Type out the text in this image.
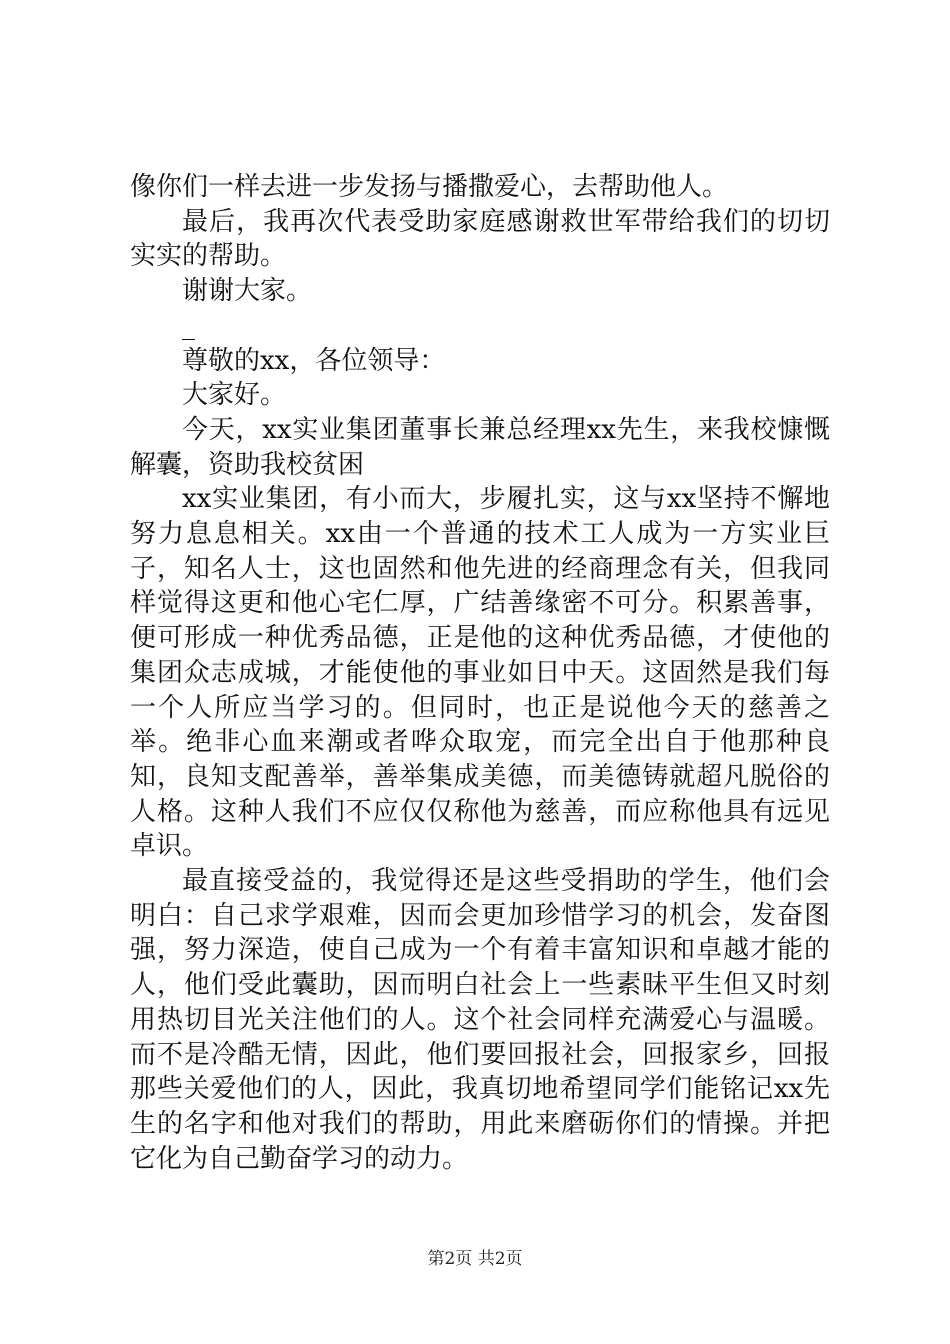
像你们一样去进一步发扬与播撒爱心，去帮助他人。

最后，我再次代表受助家庭感谢救世军带给我们的切切实实的帮助。

谢谢大家。

_

尊敬的xx，各位领导：

大家好。

今天，xx实业集团董事长兼总经理xx先生，来我校慷慨解囊，资助我校贫困

xx实业集团，有小而大，步履扎实，这与xx坚持不懈地努力息息相关。xx由一个普通的技术工人成为一方实业巨子，知名人士，这也固然和他先进的经商理念有关，但我同样觉得这更和他心宅仁厚，广结善缘密不可分。积累善事，便可形成一种优秀品德，正是他的这种优秀品德，才使他的集团众志成城，才能使他的事业如日中天。这固然是我们每一个人所应当学习的。但同时，也正是说他今天的慈善之举。绝非心血来潮或者哗众取宠，而完全出自于他那种良知，良知支配善举，善举集成美德，而美德铸就超凡脱俗的人格。这种人我们不应仅仅称他为慈善，而应称他具有远见卓识。

最直接受益的，我觉得还是这些受捐助的学生，他们会明白：自己求学艰难，因而会更加珍惜学习的机会，发奋图强，努力深造，使自己成为一个有着丰富知识和卓越才能的人，他们受此囊助，因而明白社会上一些素昧平生但又时刻用热切目光关注他们的人。这个社会同样充满爱心与温暖。而不是冷酷无情，因此，他们要回报社会，回报家乡，回报那些关爱他们的人，因此，我真切地希望同学们能铭记xx先生的名字和他对我们的帮助，用此来磨砺你们的情操。并把它化为自己勤奋学习的动力。

第2页 共2页
